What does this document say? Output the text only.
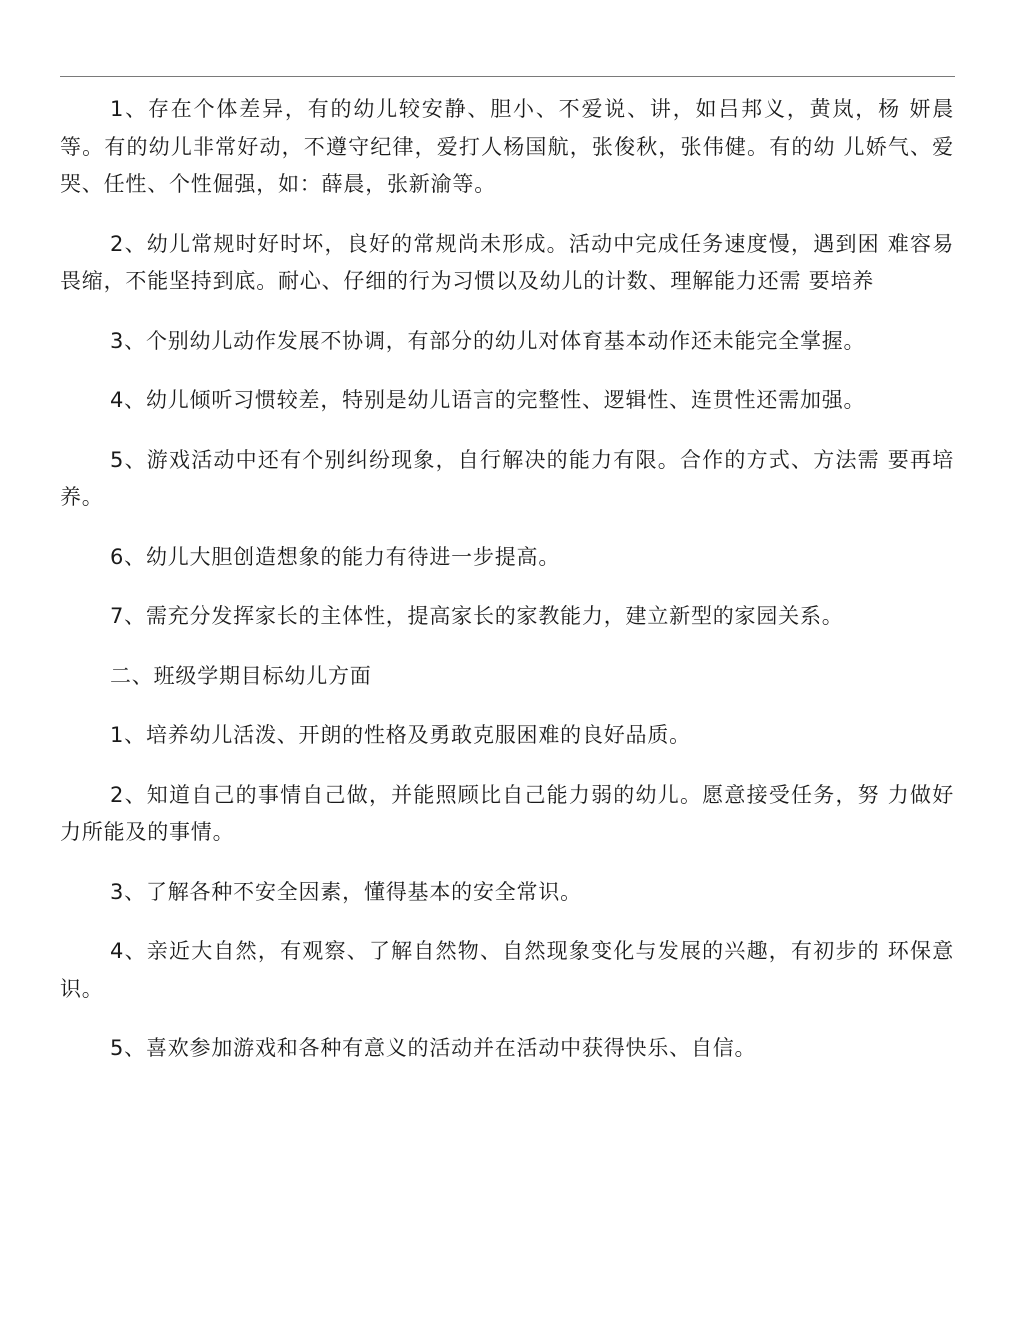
1、存在个体差异，有的幼儿较安静、胆小、不爱说、讲，如吕邦义，黄岚，杨 妍晨等。有的幼儿非常好动，不遵守纪律，爱打人杨国航，张俊秋，张伟健。有的幼 儿娇气、爱哭、任性、个性倔强，如：薛晨，张新渝等。

2、幼儿常规时好时坏，良好的常规尚未形成。活动中完成任务速度慢，遇到困 难容易畏缩，不能坚持到底。耐心、仔细的行为习惯以及幼儿的计数、理解能力还需 要培养

3、个别幼儿动作发展不协调，有部分的幼儿对体育基本动作还未能完全掌握。

4、幼儿倾听习惯较差，特别是幼儿语言的完整性、逻辑性、连贯性还需加强。

5、游戏活动中还有个别纠纷现象，自行解决的能力有限。合作的方式、方法需 要再培养。

6、幼儿大胆创造想象的能力有待进一步提高。

7、需充分发挥家长的主体性，提高家长的家教能力，建立新型的家园关系。

二、班级学期目标幼儿方面

1、培养幼儿活泼、开朗的性格及勇敢克服困难的良好品质。

2、知道自己的事情自己做，并能照顾比自己能力弱的幼儿。愿意接受任务，努 力做好力所能及的事情。

3、了解各种不安全因素，懂得基本的安全常识。

4、亲近大自然，有观察、了解自然物、自然现象变化与发展的兴趣，有初步的 环保意识。

5、喜欢参加游戏和各种有意义的活动并在活动中获得快乐、自信。
